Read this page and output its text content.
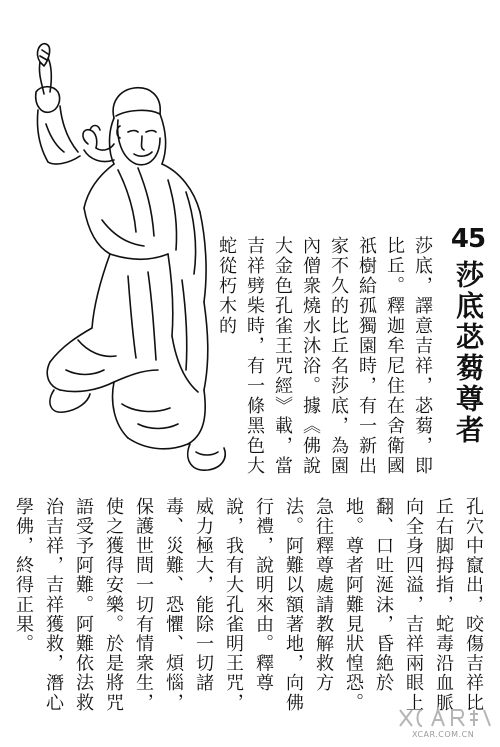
45
莎底苾蒭尊者

莎底，譯意吉祥，苾蒭，即比丘。釋迦牟尼住在舍衛國祇樹給孤獨園時，有一新出家不久的比丘名莎底，為園內僧衆燒水沐浴。據《佛說大金色孔雀王咒經》載，當吉祥劈柴時，有一條黑色大蛇從朽木的

孔穴中竄出，咬傷吉祥比丘右脚拇指，蛇毒沿血脈向全身四溢，吉祥兩眼上翻、口吐涎沫，昏絶於地。尊者阿難見狀惶恐。急往釋尊處請教解救方法。阿難以額著地，向佛行禮，說明來由。釋尊說，我有大孔雀明王咒，威力極大，能除一切諸毒、災難、恐懼、煩惱，保護世間一切有情衆生，使之獲得安樂。於是將咒語受予阿難。阿難依法救治吉祥，吉祥獲救，潛心學佛，終得正果。

XCAR.COM.CN
